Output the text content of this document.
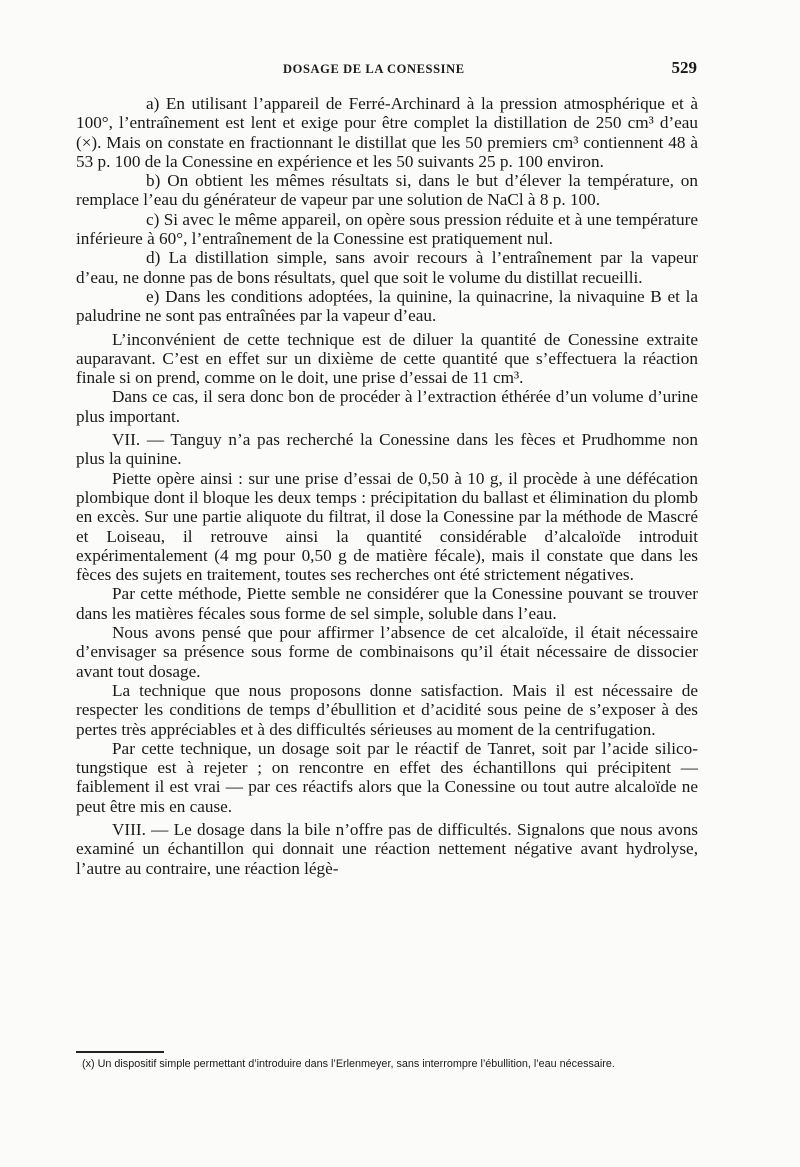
DOSAGE DE LA CONESSINE	529

a) En utilisant l’appareil de Ferré-Archinard à la pression atmosphérique et à 100°, l’entraînement est lent et exige pour être complet la distillation de 250 cm³ d’eau (×). Mais on constate en fractionnant le distillat que les 50 premiers cm³ contiennent 48 à 53 p. 100 de la Conessine en expérience et les 50 suivants 25 p. 100 environ.

b) On obtient les mêmes résultats si, dans le but d’élever la température, on remplace l’eau du générateur de vapeur par une solution de NaCl à 8 p. 100.

c) Si avec le même appareil, on opère sous pression réduite et à une température inférieure à 60°, l’entraînement de la Conessine est pratiquement nul.

d) La distillation simple, sans avoir recours à l’entraînement par la vapeur d’eau, ne donne pas de bons résultats, quel que soit le volume du distillat recueilli.

e) Dans les conditions adoptées, la quinine, la quinacrine, la nivaquine B et la paludrine ne sont pas entraînées par la vapeur d’eau.

L’inconvénient de cette technique est de diluer la quantité de Conessine extraite auparavant. C’est en effet sur un dixième de cette quantité que s’effectuera la réaction finale si on prend, comme on le doit, une prise d’essai de 11 cm³.

Dans ce cas, il sera donc bon de procéder à l’extraction éthérée d’un volume d’urine plus important.

VII. — Tanguy n’a pas recherché la Conessine dans les fèces et Prudhomme non plus la quinine.

Piette opère ainsi : sur une prise d’essai de 0,50 à 10 g, il procède à une défécation plombique dont il bloque les deux temps : précipitation du ballast et élimination du plomb en excès. Sur une partie aliquote du filtrat, il dose la Conessine par la méthode de Mascré et Loiseau, il retrouve ainsi la quantité considérable d’alcaloïde introduit expérimentalement (4 mg pour 0,50 g de matière fécale), mais il constate que dans les fèces des sujets en traitement, toutes ses recherches ont été strictement négatives.

Par cette méthode, Piette semble ne considérer que la Conessine pouvant se trouver dans les matières fécales sous forme de sel simple, soluble dans l’eau.

Nous avons pensé que pour affirmer l’absence de cet alcaloïde, il était nécessaire d’envisager sa présence sous forme de combinaisons qu’il était nécessaire de dissocier avant tout dosage.

La technique que nous proposons donne satisfaction. Mais il est nécessaire de respecter les conditions de temps d’ébullition et d’acidité sous peine de s’exposer à des pertes très appréciables et à des difficultés sérieuses au moment de la centrifugation.

Par cette technique, un dosage soit par le réactif de Tanret, soit par l’acide silico-tungstique est à rejeter ; on rencontre en effet des échantillons qui précipitent — faiblement il est vrai — par ces réactifs alors que la Conessine ou tout autre alcaloïde ne peut être mis en cause.

VIII. — Le dosage dans la bile n’offre pas de difficultés. Signalons que nous avons examiné un échantillon qui donnait une réaction nettement négative avant hydrolyse, l’autre au contraire, une réaction légè-

(x) Un dispositif simple permettant d’introduire dans l’Erlenmeyer, sans interrompre l’ébullition, l’eau nécessaire.
